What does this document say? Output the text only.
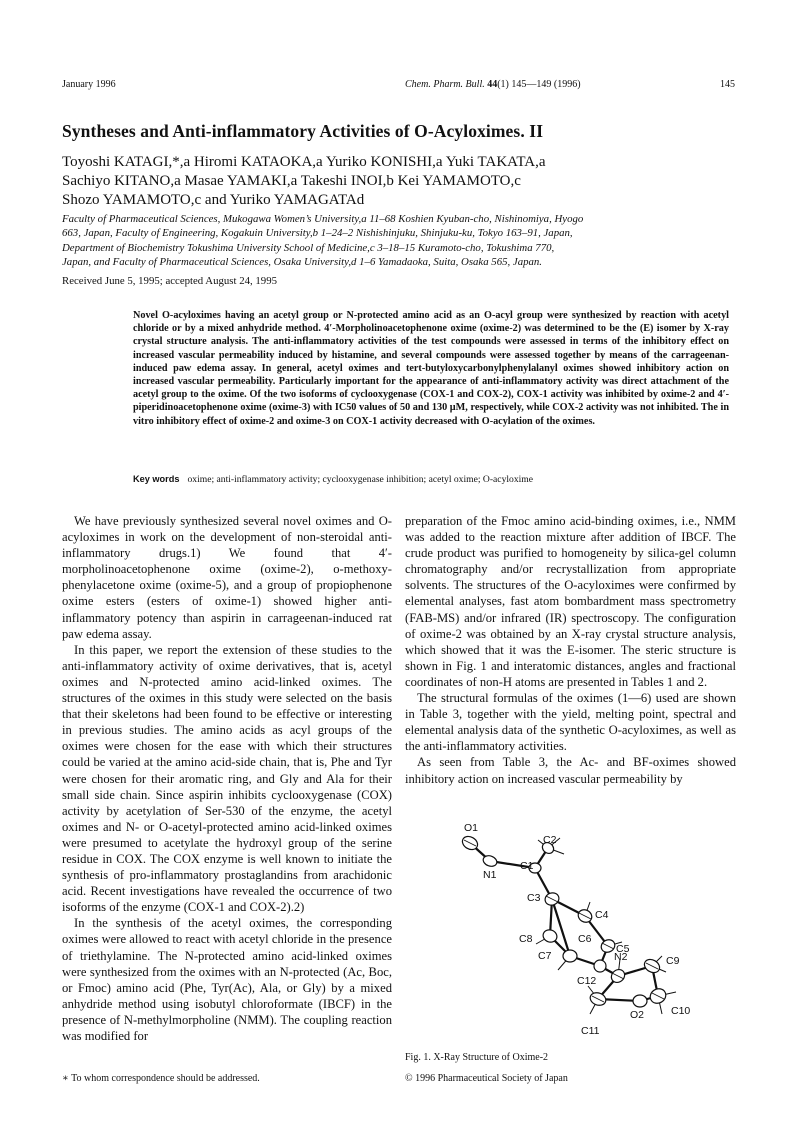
January 1996	Chem. Pharm. Bull. 44(1) 145—149 (1996)	145
Syntheses and Anti-inflammatory Activities of O-Acyloximes. II
Toyoshi KATAGI,*,a Hiromi KATAOKA,a Yuriko KONISHI,a Yuki TAKATA,a
Sachiyo KITANO,a Masae YAMAKI,a Takeshi INOI,b Kei YAMAMOTO,c
Shozo YAMAMOTO,c and Yuriko YAMAGATAd
Faculty of Pharmaceutical Sciences, Mukogawa Women’s University,a 11–68 Koshien Kyuban-cho, Nishinomiya, Hyogo
663, Japan, Faculty of Engineering, Kogakuin University,b 1–24–2 Nishishinjuku, Shinjuku-ku, Tokyo 163–91, Japan,
Department of Biochemistry Tokushima University School of Medicine,c 3–18–15 Kuramoto-cho, Tokushima 770,
Japan, and Faculty of Pharmaceutical Sciences, Osaka University,d 1–6 Yamadaoka, Suita, Osaka 565, Japan.
Received June 5, 1995; accepted August 24, 1995
Novel O-acyloximes having an acetyl group or N-protected amino acid as an O-acyl group were synthesized by reaction with acetyl chloride or by a mixed anhydride method. 4′-Morpholinoacetophenone oxime (oxime-2) was determined to be the (E) isomer by X-ray crystal structure analysis. The anti-inflammatory activities of the test compounds were assessed in terms of the inhibitory effect on increased vascular permeability induced by histamine, and several compounds were assessed together by means of the carrageenan-induced paw edema assay. In general, acetyl oximes and tert-butyloxycarbonylphenylalanyl oximes showed inhibitory action on increased vascular permeability. Particularly important for the appearance of anti-inflammatory activity was direct attachment of the acetyl group to the oxime. Of the two isoforms of cyclooxygenase (COX-1 and COX-2), COX-1 activity was inhibited by oxime-2 and 4′-piperidinoacetophenone oxime (oxime-3) with IC50 values of 50 and 130 µM, respectively, while COX-2 activity was not inhibited. The in vitro inhibitory effect of oxime-2 and oxime-3 on COX-1 activity decreased with O-acylation of the oximes.
Key words oxime; anti-inflammatory activity; cyclooxygenase inhibition; acetyl oxime; O-acyloxime

We have previously synthesized several novel oximes and O-acyloximes in work on the development of non-steroidal anti-inflammatory drugs.1) We found that 4′-morpholinoacetophenone oxime (oxime-2), o-methoxy-phenylacetone oxime (oxime-5), and a group of propiophenone oxime esters (esters of oxime-1) showed higher anti-inflammatory potency than aspirin in carrageenan-induced rat paw edema assay.

In this paper, we report the extension of these studies to the anti-inflammatory activity of oxime derivatives, that is, acetyl oximes and N-protected amino acid-linked oximes. The structures of the oximes in this study were selected on the basis that their skeletons had been found to be effective or interesting in previous studies. The amino acids as acyl groups of the oximes were chosen for the ease with which their structures could be varied at the amino acid-side chain, that is, Phe and Tyr were chosen for their aromatic ring, and Gly and Ala for their small side chain. Since aspirin inhibits cyclooxygenase (COX) activity by acetylation of Ser-530 of the enzyme, the acetyl oximes and N- or O-acetyl-protected amino acid-linked oximes were presumed to acetylate the hydroxyl group of the serine residue in COX. The COX enzyme is well known to initiate the synthesis of pro-inflammatory prostaglandins from arachidonic acid. Recent investigations have revealed the occurrence of two isoforms of the enzyme (COX-1 and COX-2).2)

In the synthesis of the acetyl oximes, the corresponding oximes were allowed to react with acetyl chloride in the presence of triethylamine. The N-protected amino acid-linked oximes were synthesized from the oximes with an N-protected (Ac, Boc, or Fmoc) amino acid (Phe, Tyr(Ac), Ala, or Gly) by a mixed anhydride method using isobutyl chloroformate (IBCF) in the presence of N-methylmorpholine (NMM). The coupling reaction was modified for

preparation of the Fmoc amino acid-binding oximes, i.e., NMM was added to the reaction mixture after addition of IBCF. The crude product was purified to homogeneity by silica-gel column chromatography and/or recrystallization from appropriate solvents. The structures of the O-acyloximes were confirmed by elemental analyses, fast atom bombardment mass spectrometry (FAB-MS) and/or infrared (IR) spectroscopy. The configuration of oxime-2 was obtained by an X-ray crystal structure analysis, which showed that it was the E-isomer. The steric structure is shown in Fig. 1 and interatomic distances, angles and fractional coordinates of non-H atoms are presented in Tables 1 and 2.

The structural formulas of the oximes (1—6) used are shown in Table 3, together with the yield, melting point, spectral and elemental analysis data of the synthetic O-acyloximes, as well as the anti-inflammatory activities.

As seen from Table 3, the Ac- and BF-oximes showed inhibitory action on increased vascular permeability by

O1
C2
N1
C1
C3
C4
C5
C8	C6
C9
N2
C7
C12
C10
O2
C11
Fig. 1. X-Ray Structure of Oxime-2
∗ To whom correspondence should be addressed.	© 1996 Pharmaceutical Society of Japan
